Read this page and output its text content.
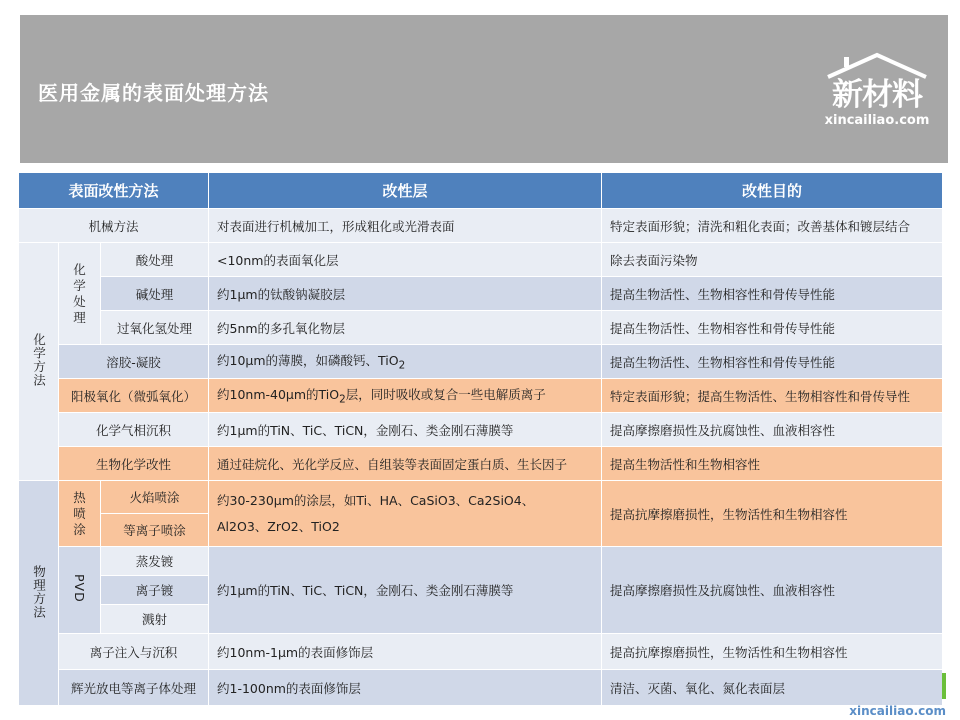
医用金属的表面处理方法	新材料
xincailiao.com
表面改性方法			改性层	改性目的
机械方法			对表面进行机械加工，形成粗化或光滑表面	特定表面形貌；清洗和粗化表面；改善基体和镀层结合
化学方法	化学处理	酸处理	<10nm的表面氧化层	除去表面污染物
		碱处理	约1μm的钛酸钠凝胶层	提高生物活性、生物相容性和骨传导性能
		过氧化氢处理	约5nm的多孔氧化物层	提高生物活性、生物相容性和骨传导性能
	溶胶-凝胶		约10μm的薄膜，如磷酸钙、TiO$_2$	提高生物活性、生物相容性和骨传导性能
	阳极氧化（微弧氧化）		约10nm-40μm的TiO$_2$层，同时吸收或复合一些电解质离子	特定表面形貌；提高生物活性、生物相容性和骨传导性
	化学气相沉积		约1μm的TiN、TiC、TiCN，金刚石、类金刚石薄膜等	提高摩擦磨损性及抗腐蚀性、血液相容性
	生物化学改性		通过硅烷化、光化学反应、自组装等表面固定蛋白质、生长因子	提高生物活性和生物相容性
物理方法	热喷涂	火焰喷涂	约30-230μm的涂层，如Ti、HA、CaSiO3、Ca2SiO4、
Al2O3、ZrO2、TiO2	提高抗摩擦磨损性，生物活性和生物相容性
		等离子喷涂		
	PVD	蒸发镀	约1μm的TiN、TiC、TiCN，金刚石、类金刚石薄膜等	提高摩擦磨损性及抗腐蚀性、血液相容性
		离子镀		
		溅射		
	离子注入与沉积		约10nm-1μm的表面修饰层	提高抗摩擦磨损性，生物活性和生物相容性
	辉光放电等离子体处理		约1-100nm的表面修饰层	清洁、灭菌、氧化、氮化表面层
xincailiao.com
